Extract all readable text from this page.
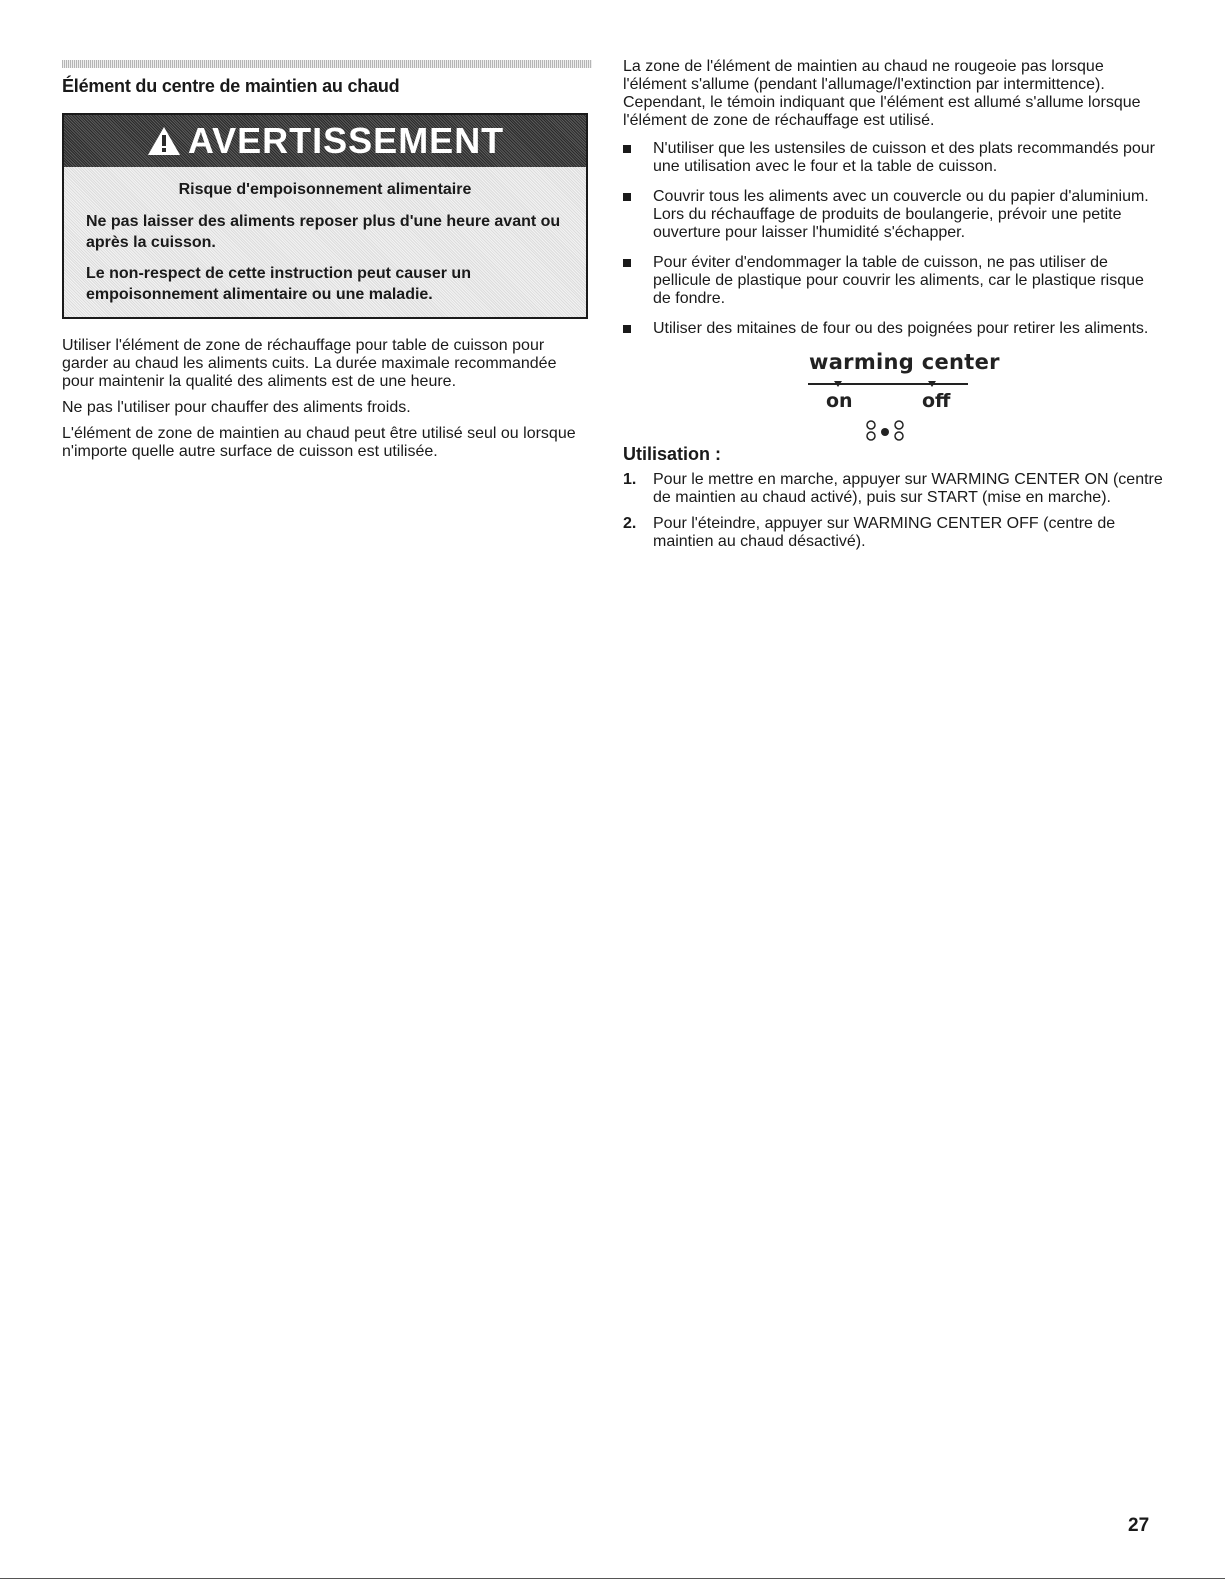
Élément du centre de maintien au chaud
AVERTISSEMENT
Risque d'empoisonnement alimentaire
Ne pas laisser des aliments reposer plus d'une heure avant ou après la cuisson.
Le non-respect de cette instruction peut causer un empoisonnement alimentaire ou une maladie.

Utiliser l'élément de zone de réchauffage pour table de cuisson pour garder au chaud les aliments cuits. La durée maximale recommandée pour maintenir la qualité des aliments est de une heure.

Ne pas l'utiliser pour chauffer des aliments froids.

L'élément de zone de maintien au chaud peut être utilisé seul ou lorsque n'importe quelle autre surface de cuisson est utilisée.

La zone de l'élément de maintien au chaud ne rougeoie pas lorsque l'élément s'allume (pendant l'allumage/l'extinction par intermittence). Cependant, le témoin indiquant que l'élément est allumé s'allume lorsque l'élément de zone de réchauffage est utilisé.

N'utiliser que les ustensiles de cuisson et des plats recommandés pour une utilisation avec le four et la table de cuisson.
Couvrir tous les aliments avec un couvercle ou du papier d'aluminium. Lors du réchauffage de produits de boulangerie, prévoir une petite ouverture pour laisser l'humidité s'échapper.
Pour éviter d'endommager la table de cuisson, ne pas utiliser de pellicule de plastique pour couvrir les aliments, car le plastique risque de fondre.
Utiliser des mitaines de four ou des poignées pour retirer les aliments.
warming center
on	off
Utilisation :
1. Pour le mettre en marche, appuyer sur WARMING CENTER ON (centre de maintien au chaud activé), puis sur START (mise en marche).
2. Pour l'éteindre, appuyer sur WARMING CENTER OFF (centre de maintien au chaud désactivé).
27
